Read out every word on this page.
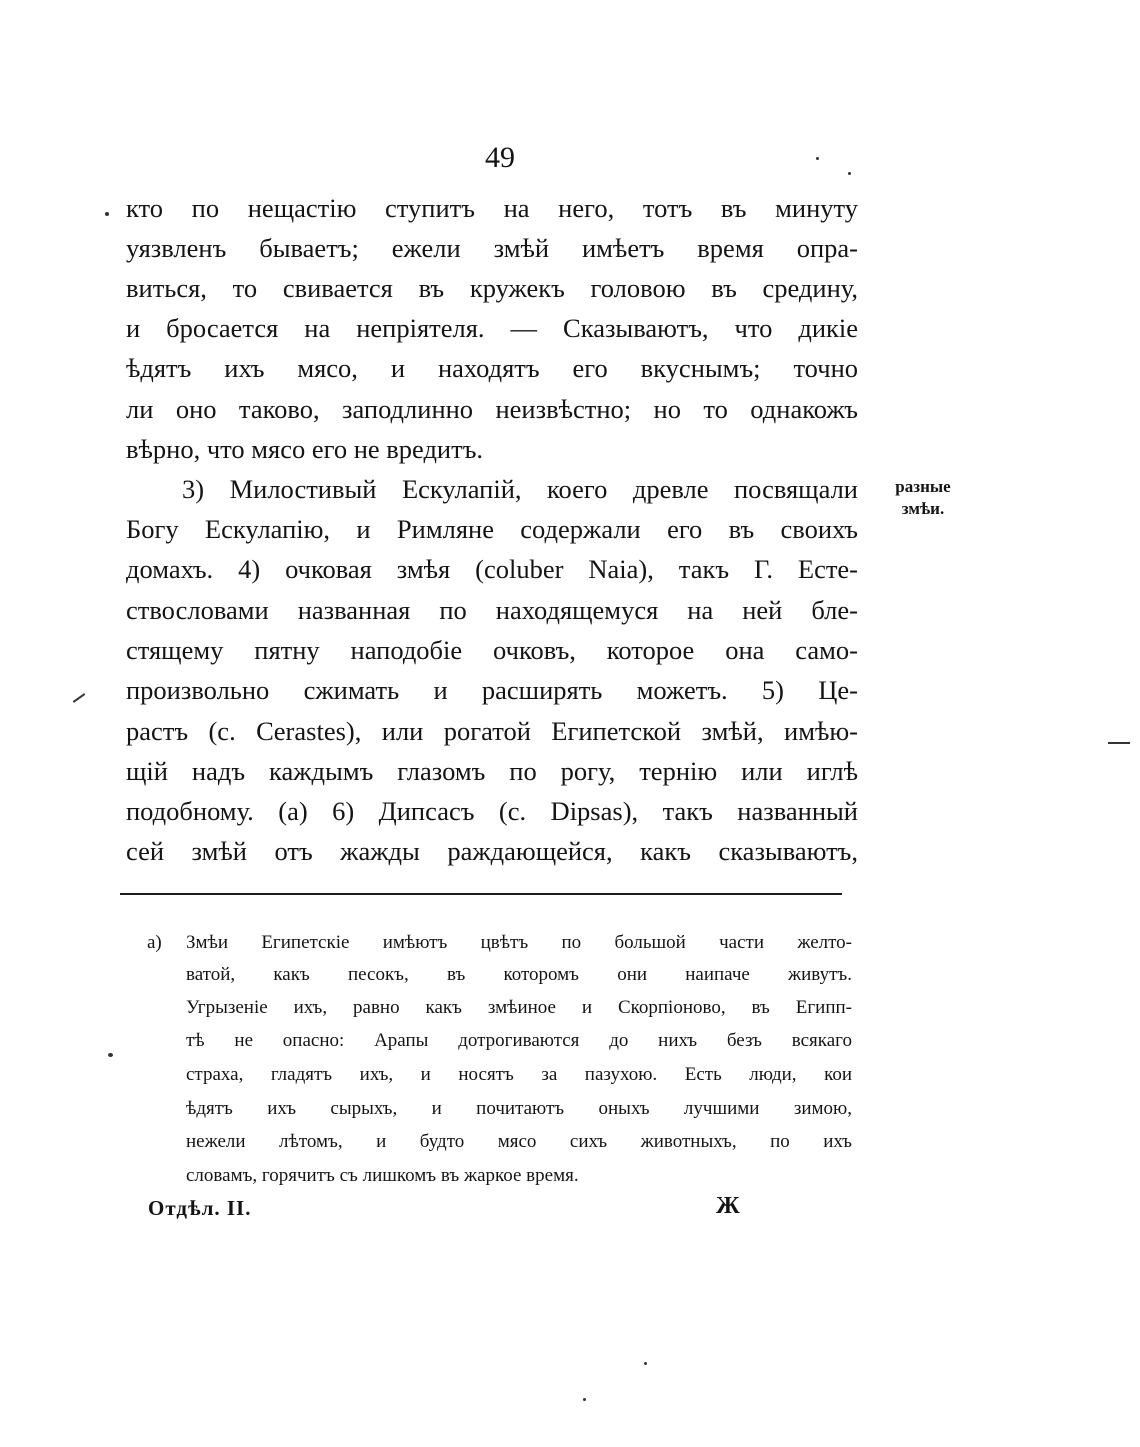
49
кто по нещастію ступитъ на него, тотъ въ минуту
уязвленъ бываетъ; ежели змѣй имѣетъ время опра-
виться, то свивается въ кружекъ головою въ средину,
и бросается на непріятеля. — Сказываютъ, что дикіе
ѣдятъ ихъ мясо, и находятъ его вкуснымъ; точно
ли оно таково, заподлинно неизвѣстно; но то однакожъ
вѣрно, что мясо его не вредитъ.
3) Милостивый Ескулапій, коего древле посвящали
Богу Ескулапію, и Римляне содержали его въ своихъ
домахъ. 4) очковая змѣя (coluber Naia), такъ Г. Есте-
ствословами названная по находящемуся на ней бле-
стящему пятну наподобіе очковъ, которое она само-
произвольно сжимать и расширять можетъ. 5) Це-
растъ (c. Cerastes), или рогатой Египетской змѣй, имѣю-
щій надъ каждымъ глазомъ по рогу, тернію или иглѣ
подобному. (a) 6) Дипсасъ (c. Dipsas), такъ названный
сей змѣй отъ жажды раждающейся, какъ сказываютъ,
разные
змѣи.
a) Змѣи Египетскіе имѣютъ цвѣтъ по большой части желто-
ватой, какъ песокъ, въ которомъ они наипаче живутъ.
Угрызеніе ихъ, равно какъ змѣиное и Скорпіоново, въ Египп-
тѣ не опасно: Арапы дотрогиваются до нихъ безъ всякаго
страха, гладятъ ихъ, и носятъ за пазухою. Есть люди, кои
ѣдятъ ихъ сырыхъ, и почитаютъ оныхъ лучшими зимою,
нежели лѣтомъ, и будто мясо сихъ животныхъ, по ихъ
словамъ, горячитъ съ лишкомъ въ жаркое время.
Отдѣл. II.	Ж
